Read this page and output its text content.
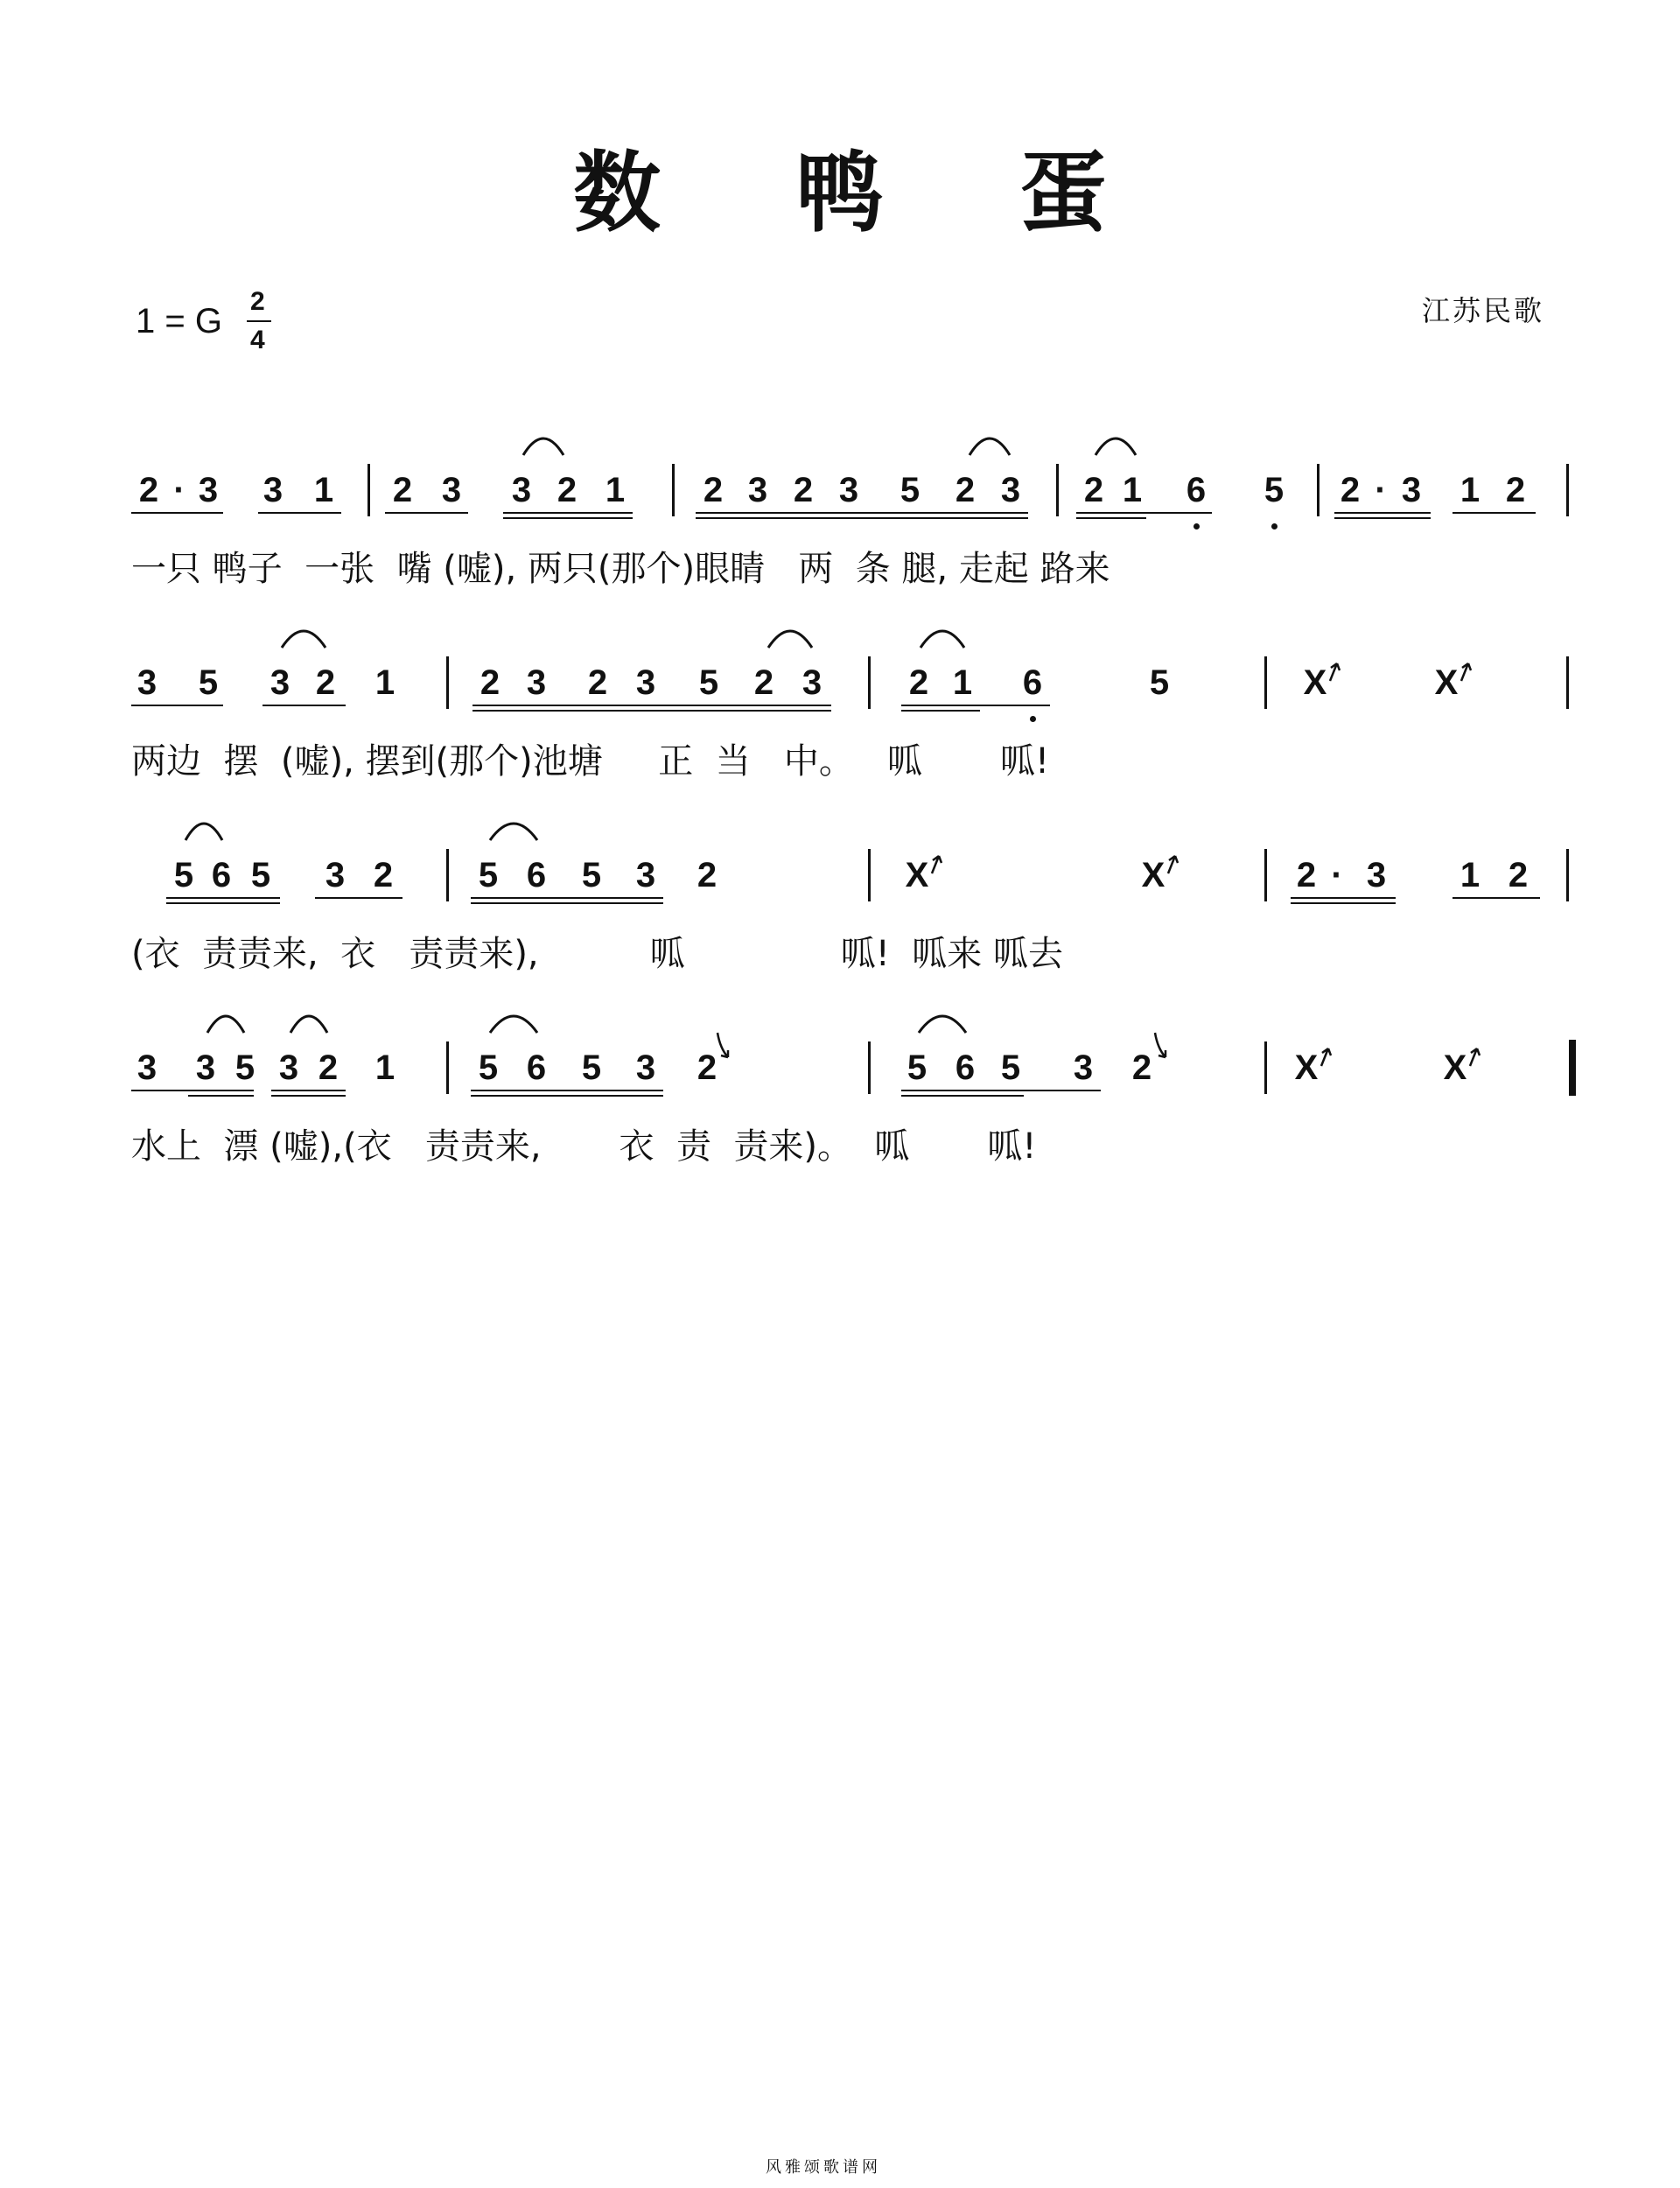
数 鸭 蛋
1 = G
2
4
江苏民歌
2 · 3 3 1 2 3 3 2 1 2 3 2 3 5 2 3 2 1 6 5 2 · 3 1 2
一只 鸭子  一张  嘴 (嘘), 两只(那个)眼睛   两  条 腿, 走起 路来
3 5 3 2 1 2 3 2 3 5 2 3 2 1 6	5	X	X
两边  摆  (嘘), 摆到(那个)池塘     正  当   中。   呱       呱!
5 6 5 3 2 5 6 5 3 2	X	X	2 · 3 1 2
(衣  责责来,  衣   责责来),          呱              呱!  呱来 呱去
3 3 5 3 2 1 5 6 5 3 2	5 6 5 3 2	X	X
水上  漂 (嘘),(衣   责责来,       衣  责  责来)。  呱       呱!
风雅颂歌谱网
